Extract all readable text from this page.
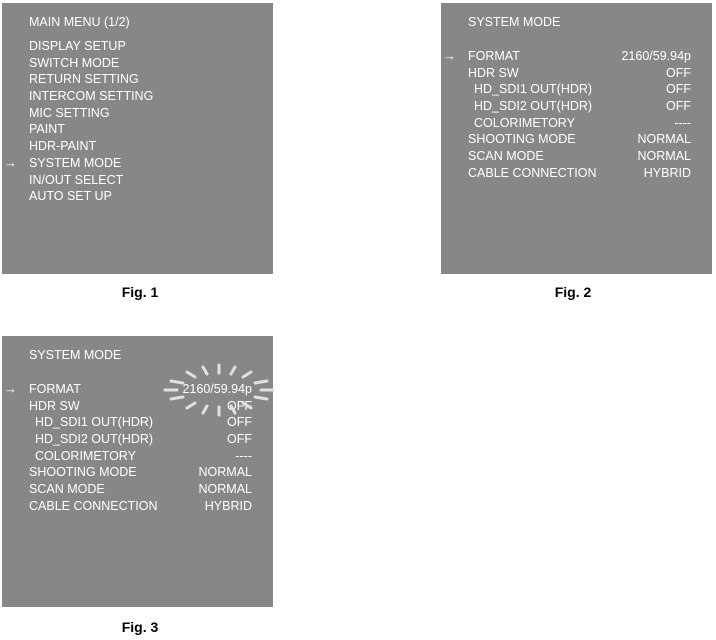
MAIN MENU (1/2)
DISPLAY SETUP
SWITCH MODE
RETURN SETTING
INTERCOM SETTING
MIC SETTING
PAINT
HDR-PAINT
→ SYSTEM MODE
IN/OUT SELECT
AUTO SET UP
Fig. 1
SYSTEM MODE
→ FORMAT	2160/59.94p
HDR SW	OFF
HD_SDI1 OUT(HDR)	OFF
HD_SDI2 OUT(HDR)	OFF
COLORIMETORY	----
SHOOTING MODE	NORMAL
SCAN MODE	NORMAL
CABLE CONNECTION	HYBRID
Fig. 2
SYSTEM MODE
→ FORMAT	2160/59.94p
HDR SW	OFF
HD_SDI1 OUT(HDR)	OFF
HD_SDI2 OUT(HDR)	OFF
COLORIMETORY	----
SHOOTING MODE	NORMAL
SCAN MODE	NORMAL
CABLE CONNECTION	HYBRID
Fig. 3
